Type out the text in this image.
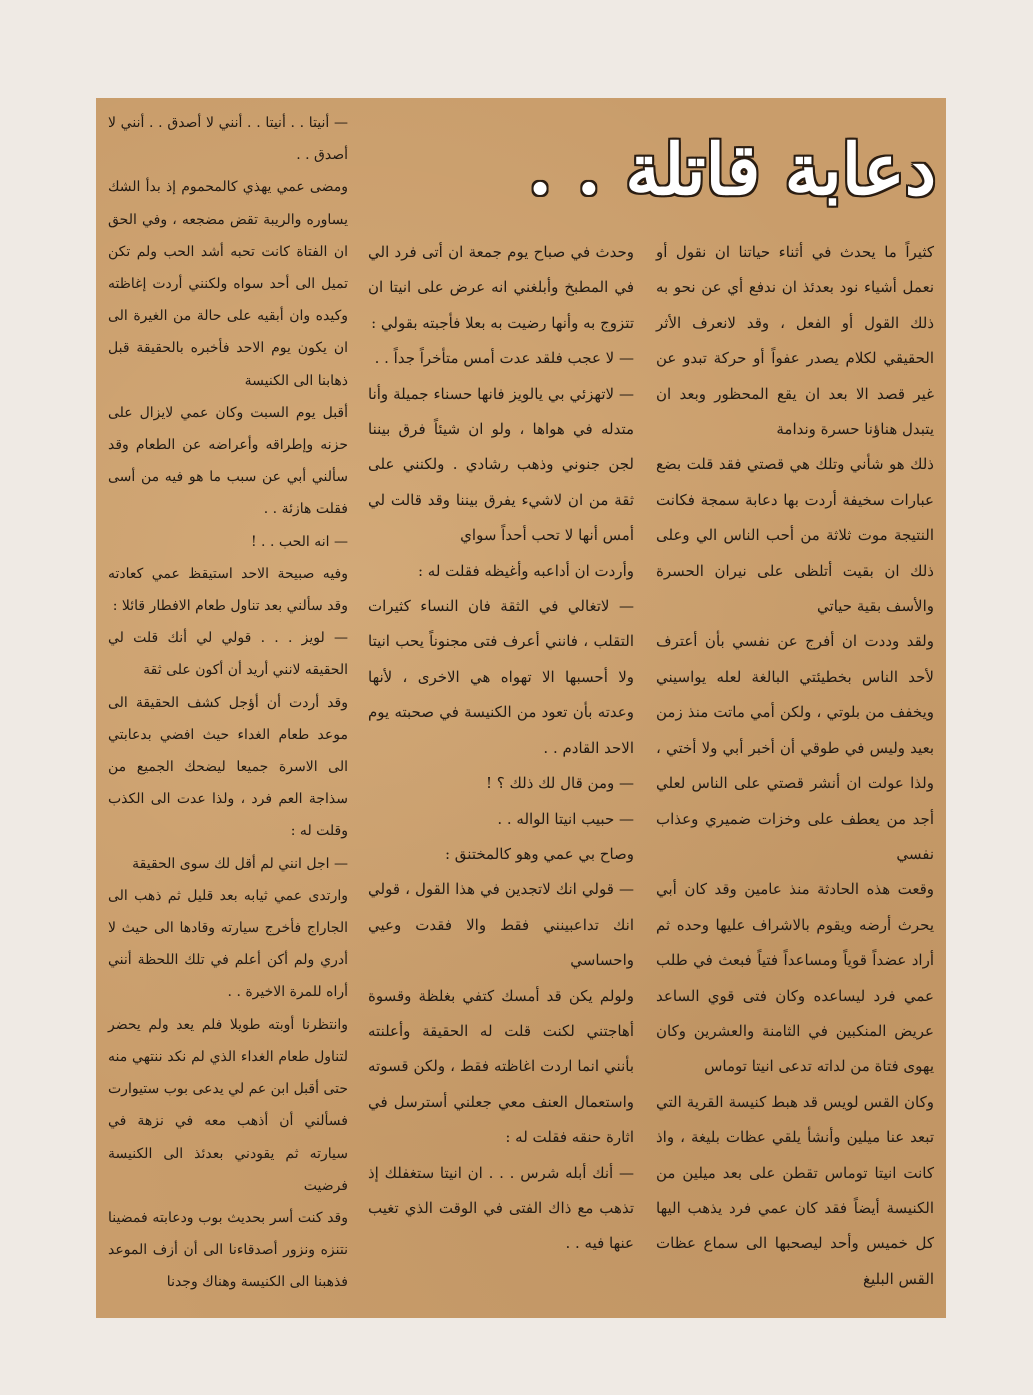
دعابة قاتلة . .

كثيراً ما يحدث في أثناء حياتنا ان نقول أو نعمل أشياء نود بعدئذ ان ندفع أي عن نحو به ذلك القول أو الفعل ، وقد لانعرف الأثر الحقيقي لكلام يصدر عفواً أو حركة تبدو عن غير قصد الا بعد ان يقع المحظور وبعد ان يتبدل هناؤنا حسرة وندامة

ذلك هو شأني وتلك هي قصتي فقد قلت بضع عبارات سخيفة أردت بها دعابة سمجة فكانت النتيجة موت ثلاثة من أحب الناس الي وعلى ذلك ان بقيت أتلظى على نيران الحسرة والأسف بقية حياتي

ولقد وددت ان أفرج عن نفسي بأن أعترف لأحد الناس بخطيئتي البالغة لعله يواسيني ويخفف من بلوتي ، ولكن أمي ماتت منذ زمن بعيد وليس في طوقي أن أخبر أبي ولا أختي ، ولذا عولت ان أنشر قصتي على الناس لعلي أجد من يعطف على وخزات ضميري وعذاب نفسي

وقعت هذه الحادثة منذ عامين وقد كان أبي يحرث أرضه ويقوم بالاشراف عليها وحده ثم أراد عضداً قوياً ومساعداً فتياً فبعث في طلب عمي فرد ليساعده وكان فتى قوي الساعد عريض المنكبين في الثامنة والعشرين وكان يهوى فتاة من لداته تدعى انيتا توماس

وكان القس لويس قد هبط كنيسة القرية التي تبعد عنا ميلين وأنشأ يلقي عظات بليغة ، واذ كانت انيتا توماس تقطن على بعد ميلين من الكنيسة أيضاً فقد كان عمي فرد يذهب اليها كل خميس وأحد ليصحبها الى سماع عظات القس البليغ

وحدث في صباح يوم جمعة ان أتى فرد الي في المطبخ وأبلغني انه عرض على انيتا ان تتزوج به وأنها رضيت به بعلا فأجبته بقولي :

— لا عجب فلقد عدت أمس متأخراً جداً . .

— لاتهزئي بي يالويز فانها حسناء جميلة وأنا متدله في هواها ، ولو ان شيئاً فرق بيننا لجن جنوني وذهب رشادي . ولكنني على ثقة من ان لاشيء يفرق بيننا وقد قالت لي أمس أنها لا تحب أحداً سواي

وأردت ان أداعبه وأغيظه فقلت له :

— لاتغالي في الثقة فان النساء كثيرات التقلب ، فانني أعرف فتى مجنوناً يحب انيتا ولا أحسبها الا تهواه هي الاخرى ، لأنها وعدته بأن تعود من الكنيسة في صحبته يوم الاحد القادم . .

— ومن قال لك ذلك ؟ !

— حبيب انيتا الواله . .

وصاح بي عمي وهو كالمختنق :

— قولي انك لاتجدين في هذا القول ، قولي انك تداعبينني فقط والا فقدت وعيي واحساسي

ولولم يكن قد أمسك كتفي بغلظة وقسوة أهاجتني لكنت قلت له الحقيقة وأعلنته بأنني انما اردت اغاظته فقط ، ولكن قسوته واستعمال العنف معي جعلني أسترسل في اثارة حنقه فقلت له :

— أنك أبله شرس . . . ان انيتا ستغفلك إذ تذهب مع ذاك الفتى في الوقت الذي تغيب عنها فيه . .

— أنيتا . . أنيتا . . أنني لا أصدق . . أنني لا أصدق . .

ومضى عمي يهذي كالمحموم إذ بدأ الشك يساوره والريبة تقض مضجعه ، وفي الحق ان الفتاة كانت تحبه أشد الحب ولم تكن تميل الى أحد سواه ولكنني أردت إغاظته وكيده وان أبقيه على حالة من الغيرة الى ان يكون يوم الاحد فأخبره بالحقيقة قبل ذهابنا الى الكنيسة

أقبل يوم السبت وكان عمي لايزال على حزنه وإطراقه وأعراضه عن الطعام وقد سألني أبي عن سبب ما هو فيه من أسى فقلت هازئة . .

— انه الحب . . !

وفيه صبيحة الاحد استيقظ عمي كعادته وقد سألني بعد تناول طعام الافطار قائلا :

— لويز . . . قولي لي أنك قلت لي الحقيقه لانني أريد أن أكون على ثقة

وقد أردت أن أؤجل كشف الحقيقة الى موعد طعام الغداء حيث افضي بدعابتي الى الاسرة جميعا ليضحك الجميع من سذاجة العم فرد ، ولذا عدت الى الكذب وقلت له :

— اجل انني لم أقل لك سوى الحقيقة

وارتدى عمي ثيابه بعد قليل ثم ذهب الى الجاراج فأخرج سيارته وقادها الى حيث لا أدري ولم أكن أعلم في تلك اللحظة أنني أراه للمرة الاخيرة . .

وانتظرنا أوبته طويلا فلم يعد ولم يحضر لتناول طعام الغداء الذي لم نكد ننتهي منه حتى أقبل ابن عم لي يدعى بوب ستيوارت فسألني أن أذهب معه في نزهة في سيارته ثم يقودني بعدئذ الى الكنيسة فرضيت

وقد كنت أسر بحديث بوب ودعابته فمضينا نتنزه ونزور أصدقاءنا الى أن أزف الموعد فذهبنا الى الكنيسة وهناك وجدنا
